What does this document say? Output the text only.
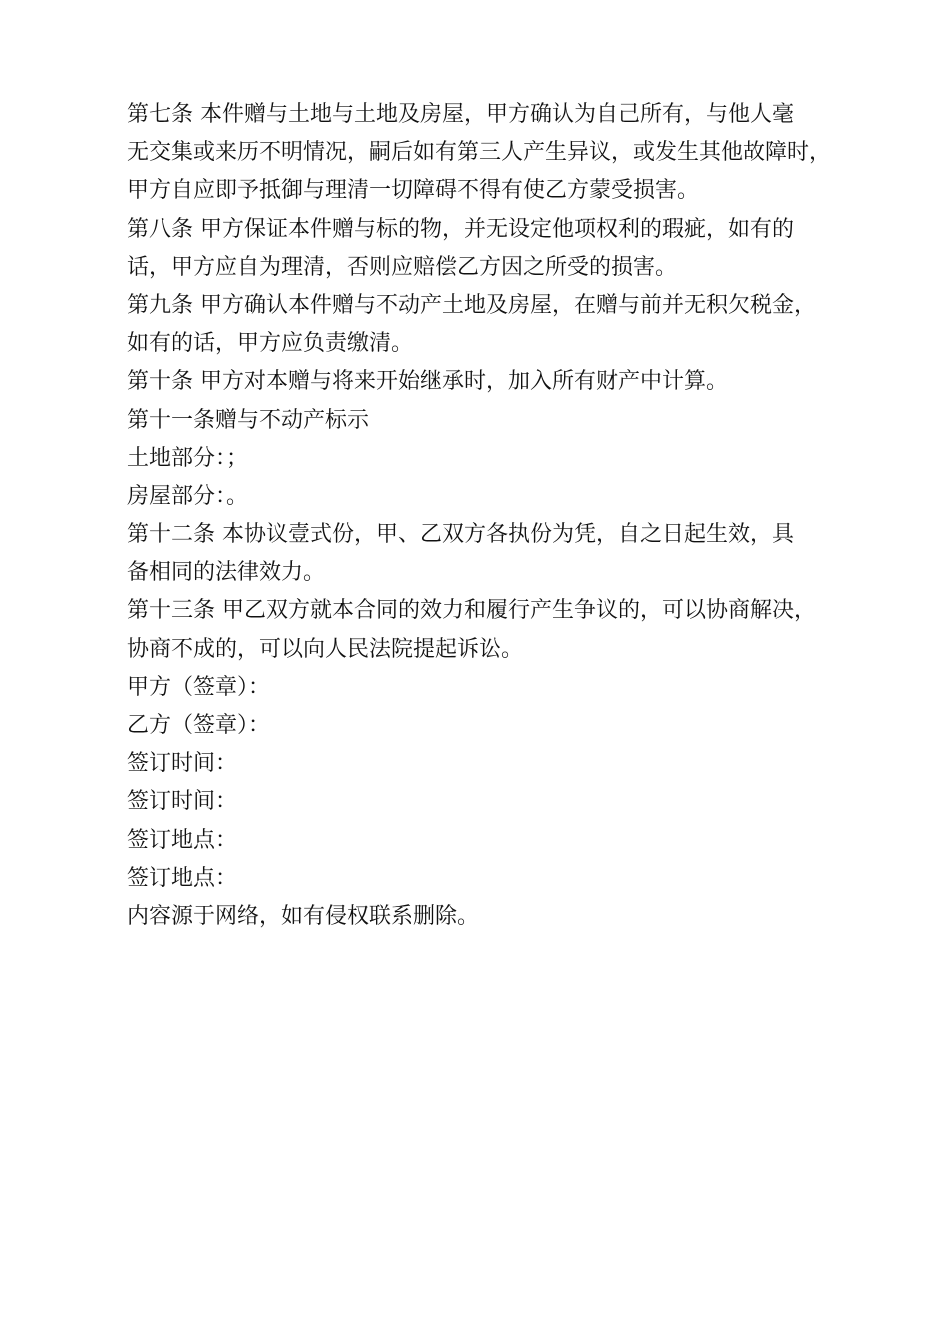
第七条 本件赠与土地与土地及房屋，甲方确认为自己所有，与他人毫
无交集或来历不明情况，嗣后如有第三人产生异议，或发生其他故障时，
甲方自应即予抵御与理清一切障碍不得有使乙方蒙受损害。
第八条 甲方保证本件赠与标的物，并无设定他项权利的瑕疵，如有的
话，甲方应自为理清，否则应赔偿乙方因之所受的损害。
第九条 甲方确认本件赠与不动产土地及房屋，在赠与前并无积欠税金，
如有的话，甲方应负责缴清。
第十条 甲方对本赠与将来开始继承时，加入所有财产中计算。
第十一条赠与不动产标示
土地部分：；
房屋部分：。
第十二条 本协议壹式份，甲、乙双方各执份为凭，自之日起生效，具
备相同的法律效力。
第十三条 甲乙双方就本合同的效力和履行产生争议的，可以协商解决，
协商不成的，可以向人民法院提起诉讼。
甲方（签章）：
乙方（签章）：
签订时间：
签订时间：
签订地点：
签订地点：
内容源于网络，如有侵权联系删除。
